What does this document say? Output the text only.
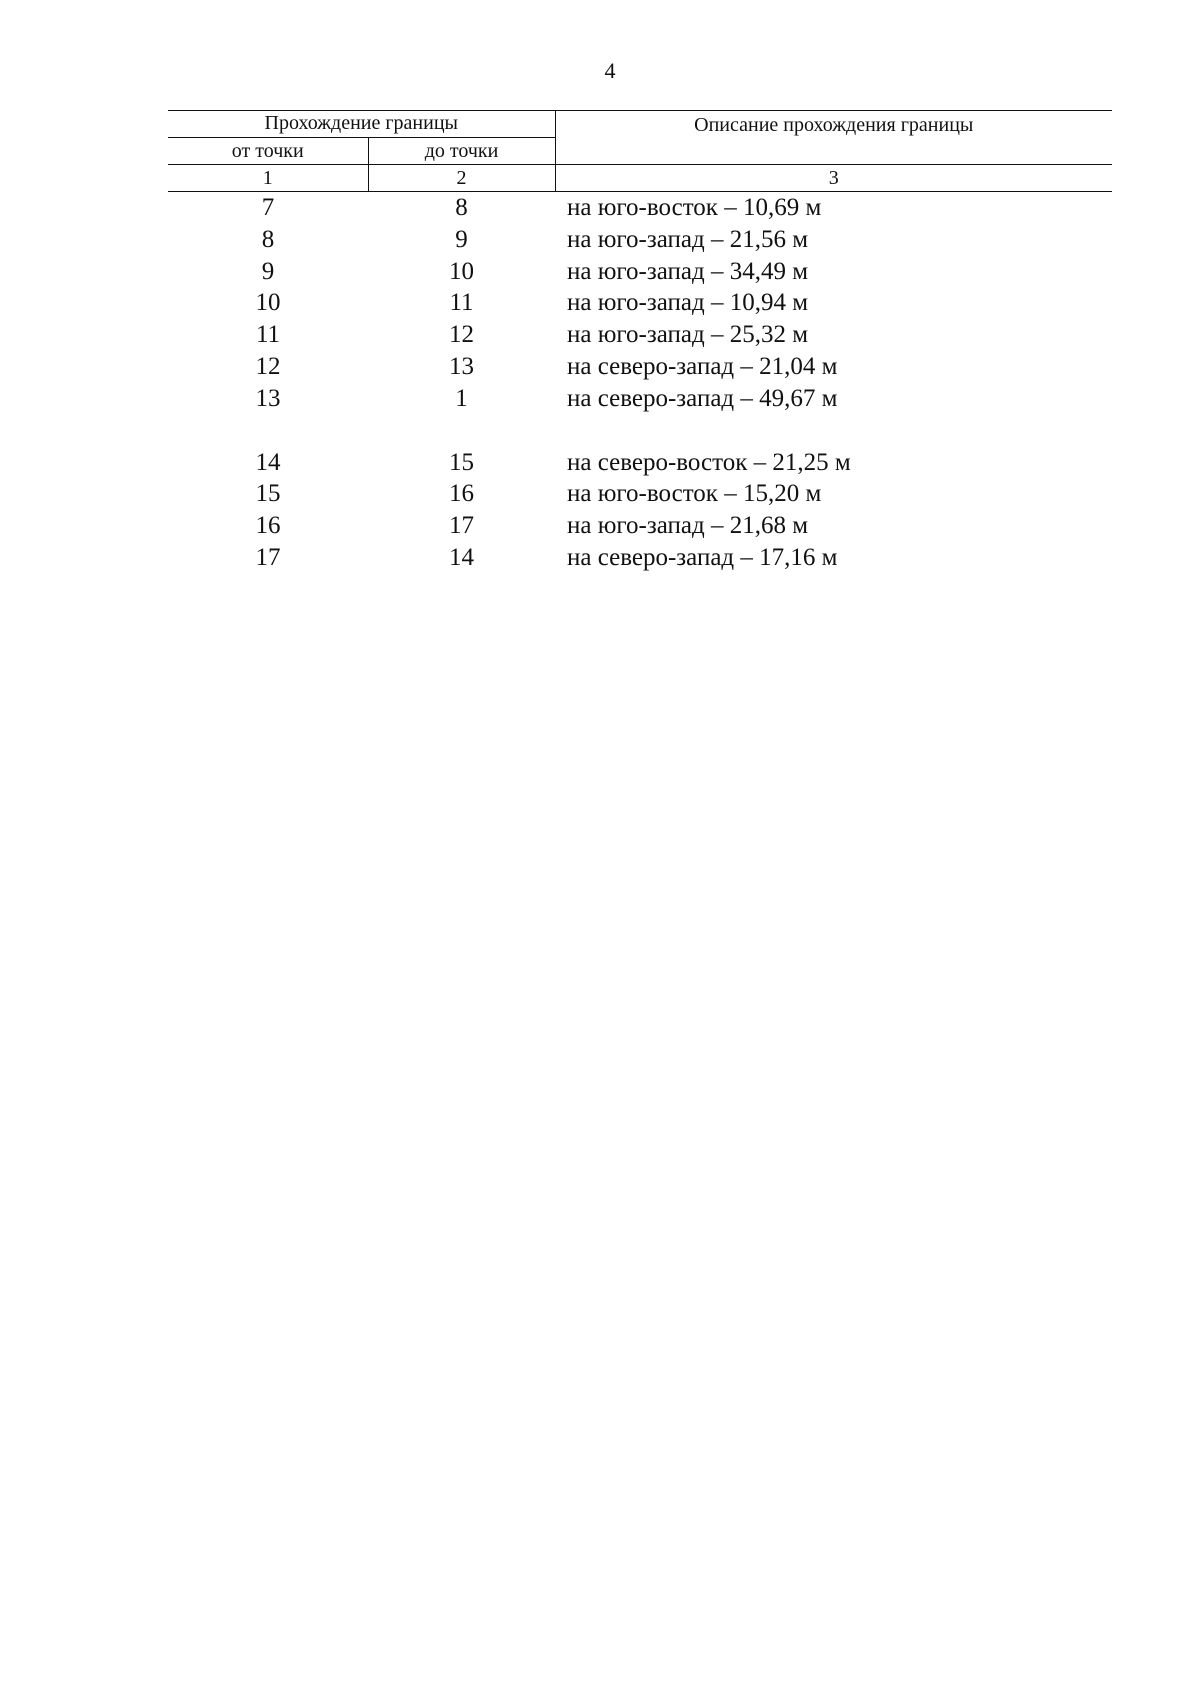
4
Прохождение границы		Описание прохождения границы
от точки	до точки	
1	2	3
7	8	на юго-восток – 10,69 м
8	9	на юго-запад – 21,56 м
9	10	на юго-запад – 34,49 м
10	11	на юго-запад – 10,94 м
11	12	на юго-запад – 25,32 м
12	13	на северо-запад – 21,04 м
13	1	на северо-запад – 49,67 м

14	15	на северо-восток – 21,25 м
15	16	на юго-восток – 15,20 м
16	17	на юго-запад – 21,68 м
17	14	на северо-запад – 17,16 м
